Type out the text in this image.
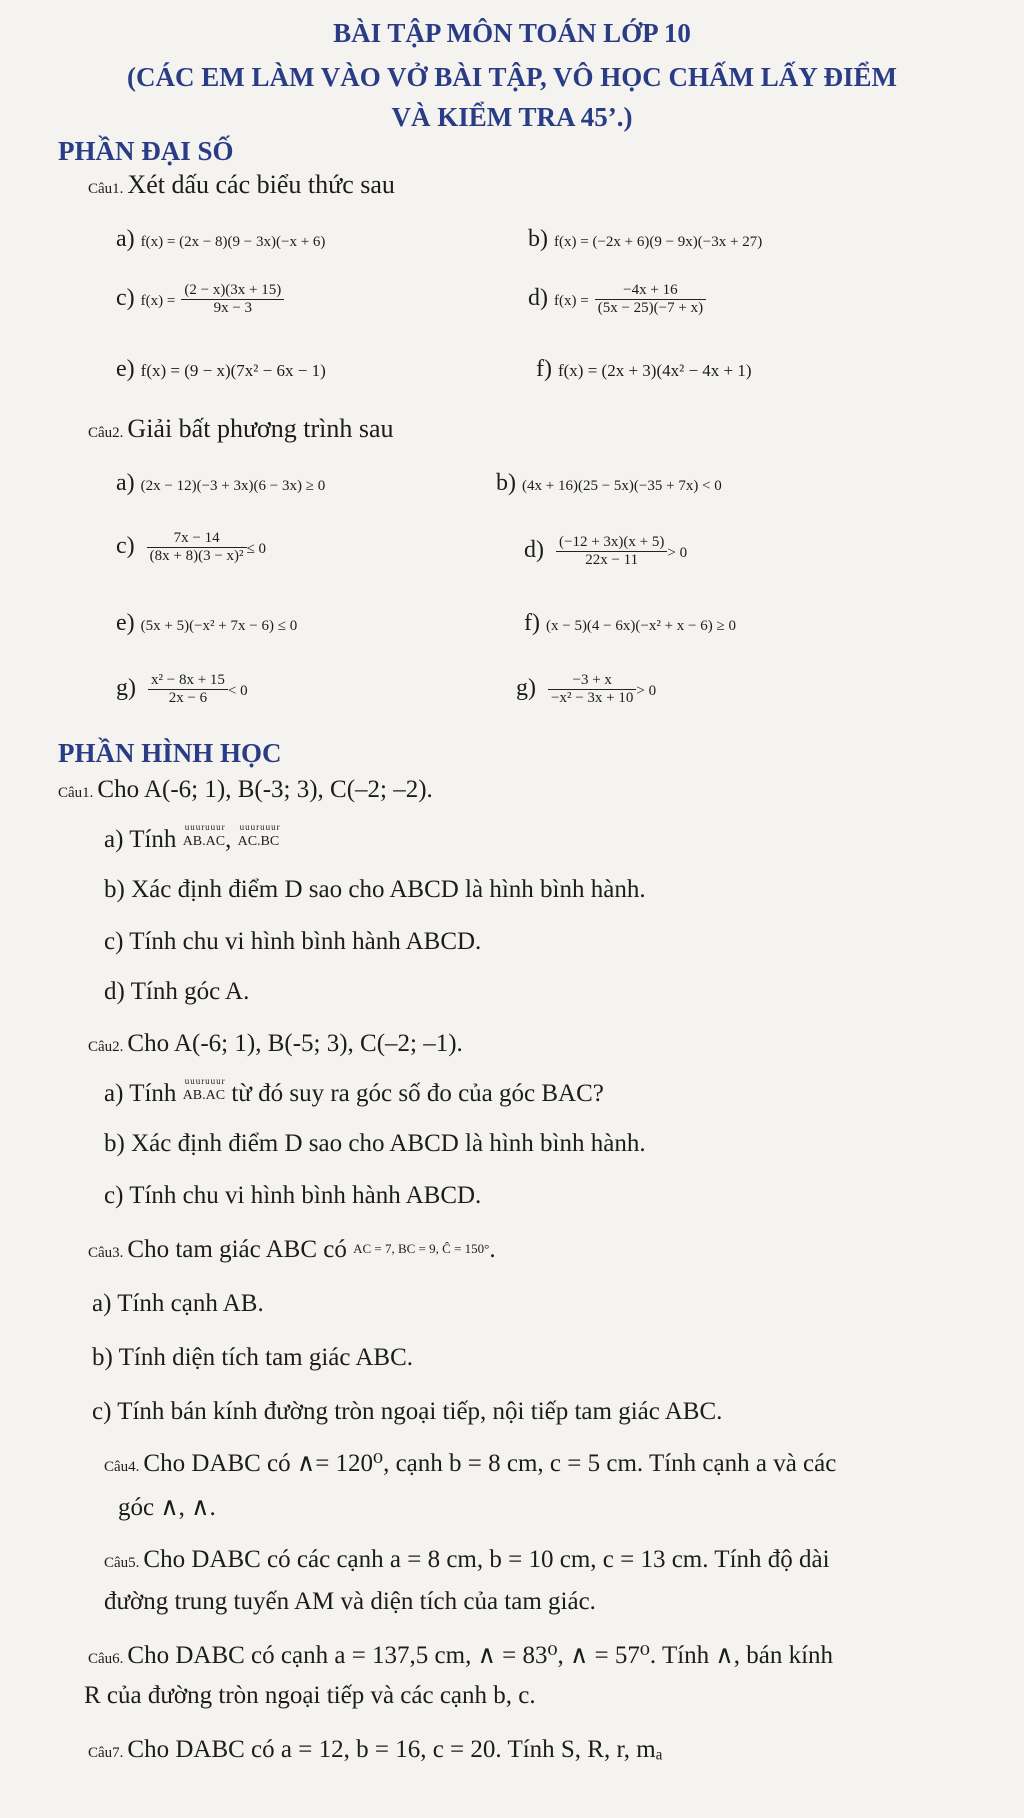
BÀI TẬP MÔN TOÁN LỚP 10
(CÁC EM LÀM VÀO VỞ BÀI TẬP, VÔ HỌC CHẤM LẤY ĐIỂM
VÀ KIỂM TRA 45’.)
PHẦN ĐẠI SỐ
Câu1. Xét dấu các biểu thức sau
a) f(x) = (2x − 8)(9 − 3x)(−x + 6)	b) f(x) = (−2x + 6)(9 − 9x)(−3x + 27)
c) $f(x) = \frac{(2 - x)(3x + 15)}{9x - 3}$	d) $f(x) = \frac{-4x + 16}{(5x - 25)(-7 + x)}$
e) f(x) = (9 − x)(7x² − 6x − 1)	f) f(x) = (2x + 3)(4x² − 4x + 1)
Câu2. Giải bất phương trình sau
a) (2x − 12)(−3 + 3x)(6 − 3x) ≥ 0	b) (4x + 16)(25 − 5x)(−35 + 7x) < 0
$c) \frac{7x - 14}{\text{(8x + 8)(3 − x)²}} \le 0$	$d) \frac{(-12 + 3x)(x + 5)}{22x - 11} > 0$
e) (5x + 5)(−x² + 7x − 6) ≤ 0	f) (x − 5)(4 − 6x)(−x² + x − 6) ≥ 0
$g) \frac{\text{x² − 8x + 15}}{2x - 6} < 0$	$g) \frac{-3 + x}{\text{−x² − 3x + 10}} > 0$
PHẦN HÌNH HỌC
Câu1. Cho A(-6; 1), B(-3; 3), C(–2; –2).
a) Tính uuuruuur
AB.AC, uuuruuur
AC.BC
b) Xác định điểm D sao cho ABCD là hình bình hành.
c) Tính chu vi hình bình hành ABCD.
d) Tính góc A.
Câu2. Cho A(-6; 1), B(-5; 3), C(–2; –1).
a) Tính uuuruuur
AB.AC từ đó suy ra góc số đo của góc BAC?
b) Xác định điểm D sao cho ABCD là hình bình hành.
c) Tính chu vi hình bình hành ABCD.
Câu3. Cho tam giác ABC có AC = 7, BC = 9, Ĉ = 150°.
a) Tính cạnh AB.
b) Tính diện tích tam giác ABC.
c) Tính bán kính đường tròn ngoại tiếp, nội tiếp tam giác ABC.
Câu4. Cho DABC có ∧= 120⁰, cạnh b = 8 cm, c = 5 cm. Tính cạnh a và các
góc ∧, ∧.
Câu5. Cho DABC có các cạnh a = 8 cm, b = 10 cm, c = 13 cm. Tính độ dài
đường trung tuyến AM và diện tích của tam giác.
Câu6. Cho DABC có cạnh a = 137,5 cm, ∧ = 83⁰, ∧ = 57⁰. Tính ∧, bán kính
R của đường tròn ngoại tiếp và các cạnh b, c.
Câu7. Cho DABC có a = 12, b = 16, c = 20. Tính S, R, r, mₐ
